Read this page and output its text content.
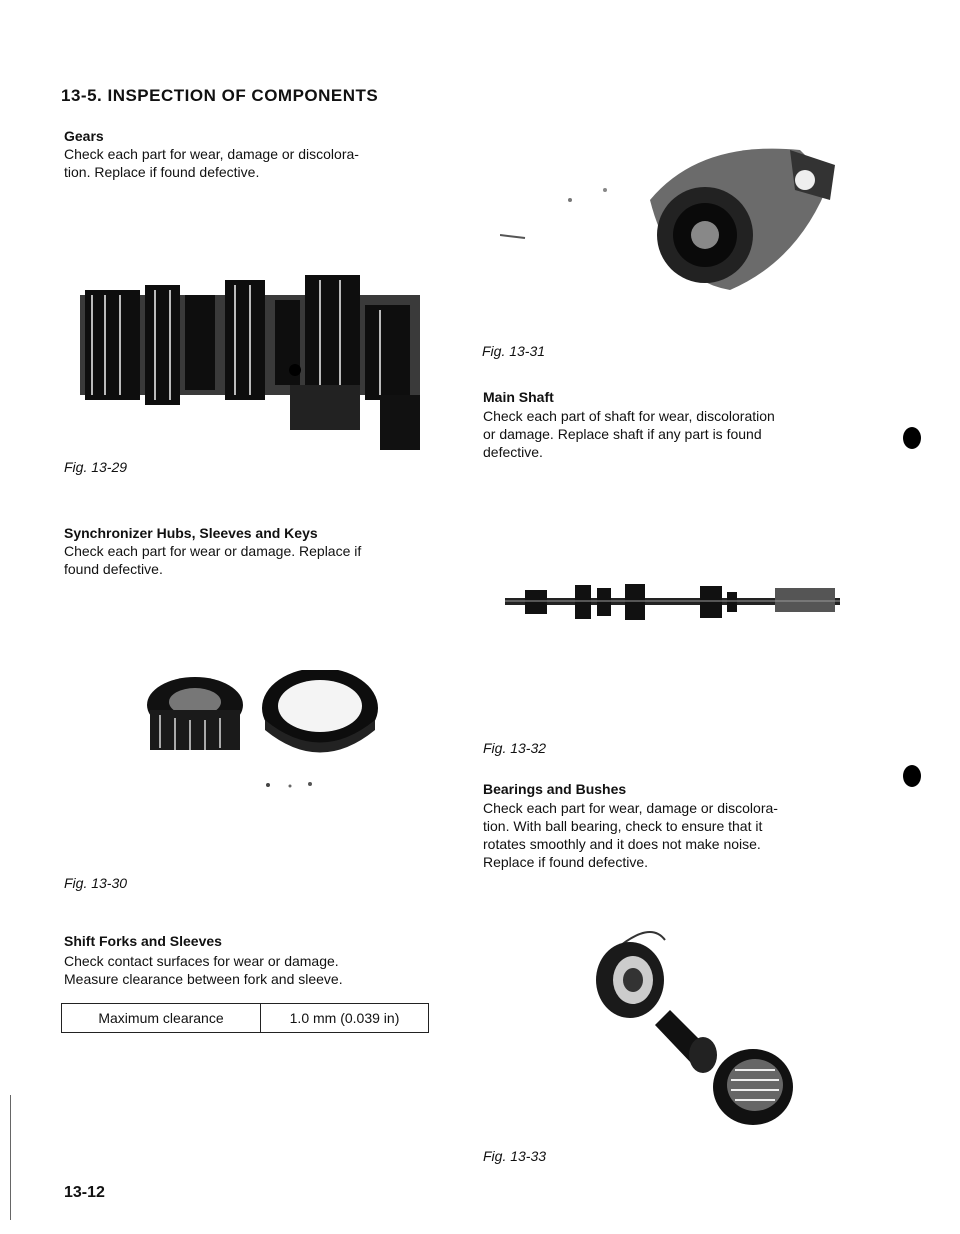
13-5. INSPECTION OF COMPONENTS
Gears
Check each part for wear, damage or discolora-
tion. Replace if found defective.
Fig. 13-29
Synchronizer Hubs, Sleeves and Keys
Check each part for wear or damage. Replace if
found defective.
Fig. 13-30
Shift Forks and Sleeves
Check contact surfaces for wear or damage.
Measure clearance between fork and sleeve.
Maximum clearance	1.0 mm (0.039 in)
13-12
Fig. 13-31
Main Shaft
Check each part of shaft for wear, discoloration
or damage. Replace shaft if any part is found
defective.
Fig. 13-32
Bearings and Bushes
Check each part for wear, damage or discolora-
tion. With ball bearing, check to ensure that it
rotates smoothly and it does not make noise.
Replace if found defective.
Fig. 13-33
